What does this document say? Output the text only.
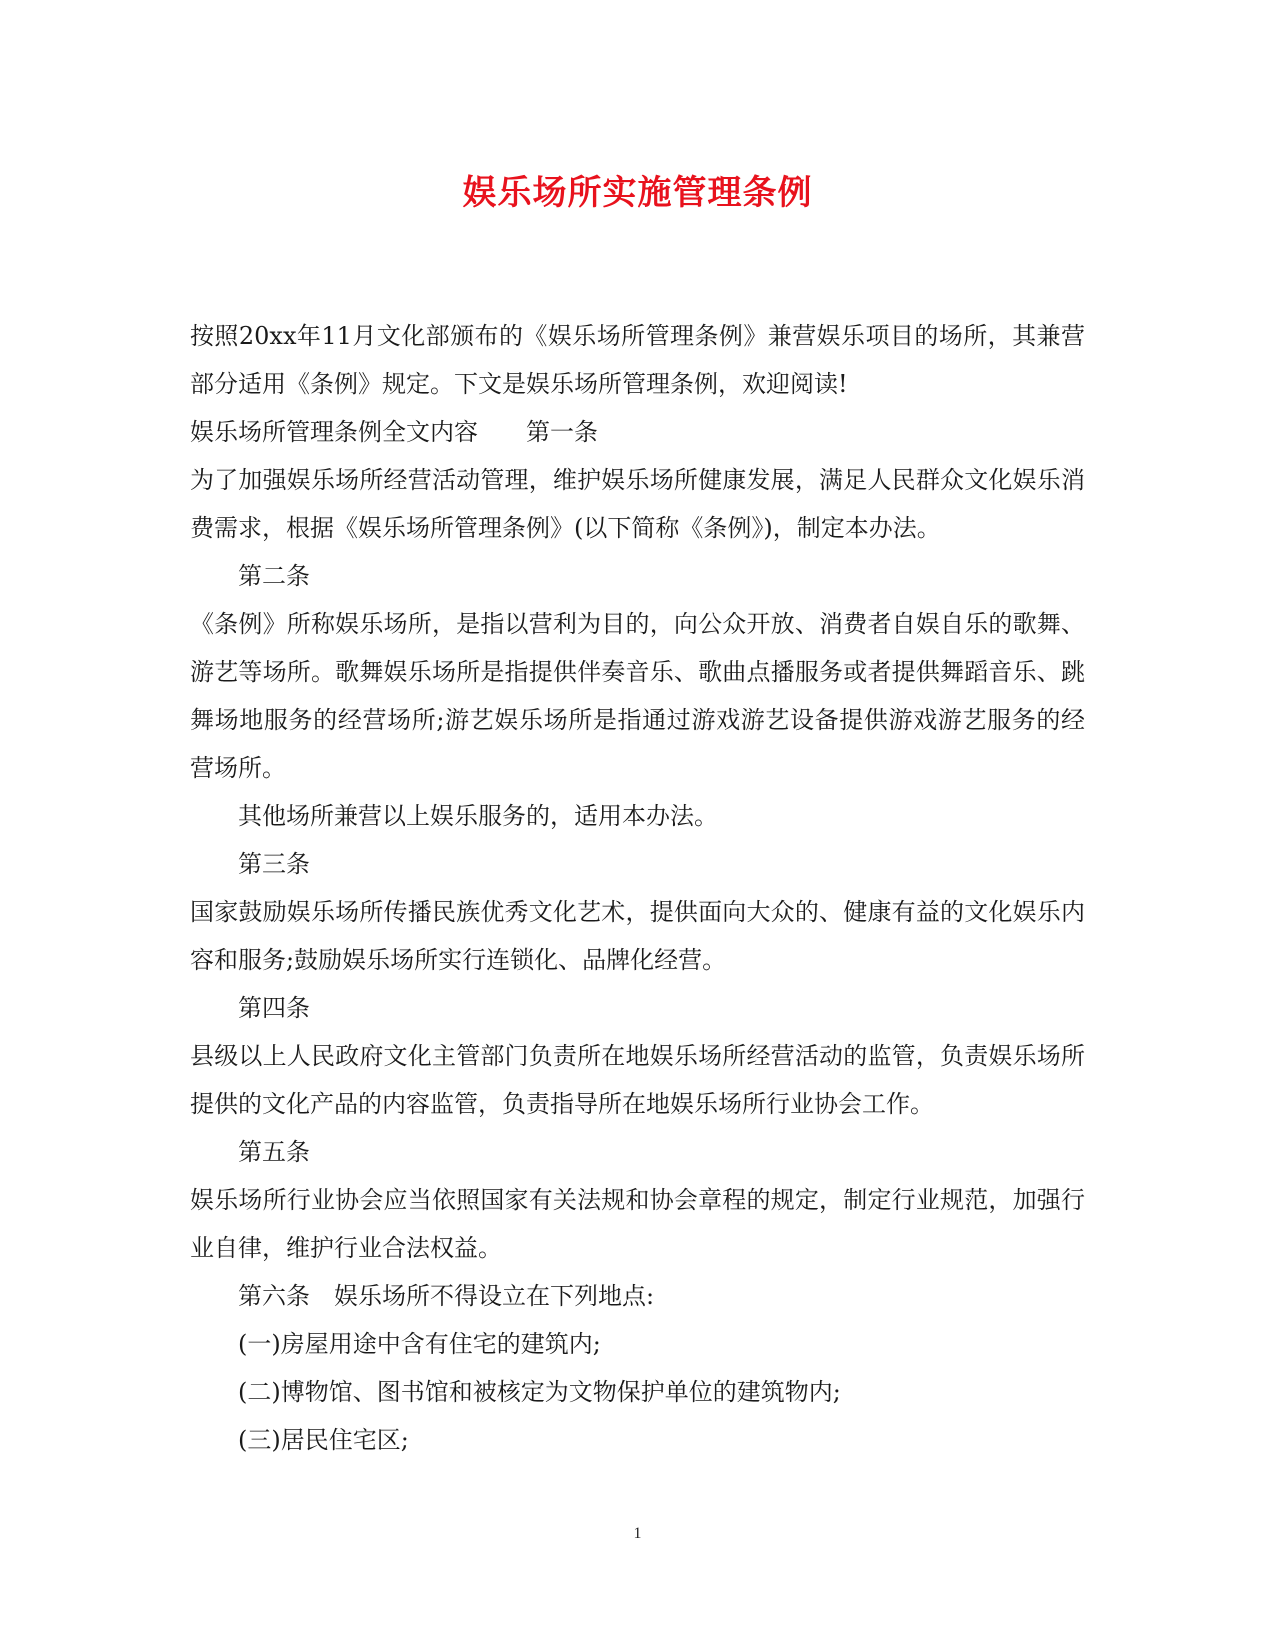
娱乐场所实施管理条例

按照20xx年11月文化部颁布的《娱乐场所管理条例》兼营娱乐项目的场所，其兼营部分适用《条例》规定。下文是娱乐场所管理条例，欢迎阅读!

娱乐场所管理条例全文内容 第一条

为了加强娱乐场所经营活动管理，维护娱乐场所健康发展，满足人民群众文化娱乐消费需求，根据《娱乐场所管理条例》(以下简称《条例》)，制定本办法。

第二条

《条例》所称娱乐场所，是指以营利为目的，向公众开放、消费者自娱自乐的歌舞、游艺等场所。歌舞娱乐场所是指提供伴奏音乐、歌曲点播服务或者提供舞蹈音乐、跳舞场地服务的经营场所;游艺娱乐场所是指通过游戏游艺设备提供游戏游艺服务的经营场所。

其他场所兼营以上娱乐服务的，适用本办法。

第三条

国家鼓励娱乐场所传播民族优秀文化艺术，提供面向大众的、健康有益的文化娱乐内容和服务;鼓励娱乐场所实行连锁化、品牌化经营。

第四条

县级以上人民政府文化主管部门负责所在地娱乐场所经营活动的监管，负责娱乐场所提供的文化产品的内容监管，负责指导所在地娱乐场所行业协会工作。

第五条

娱乐场所行业协会应当依照国家有关法规和协会章程的规定，制定行业规范，加强行业自律，维护行业合法权益。

第六条　 娱乐场所不得设立在下列地点:

(一)房屋用途中含有住宅的建筑内;

(二)博物馆、图书馆和被核定为文物保护单位的建筑物内;

(三)居民住宅区;

1
